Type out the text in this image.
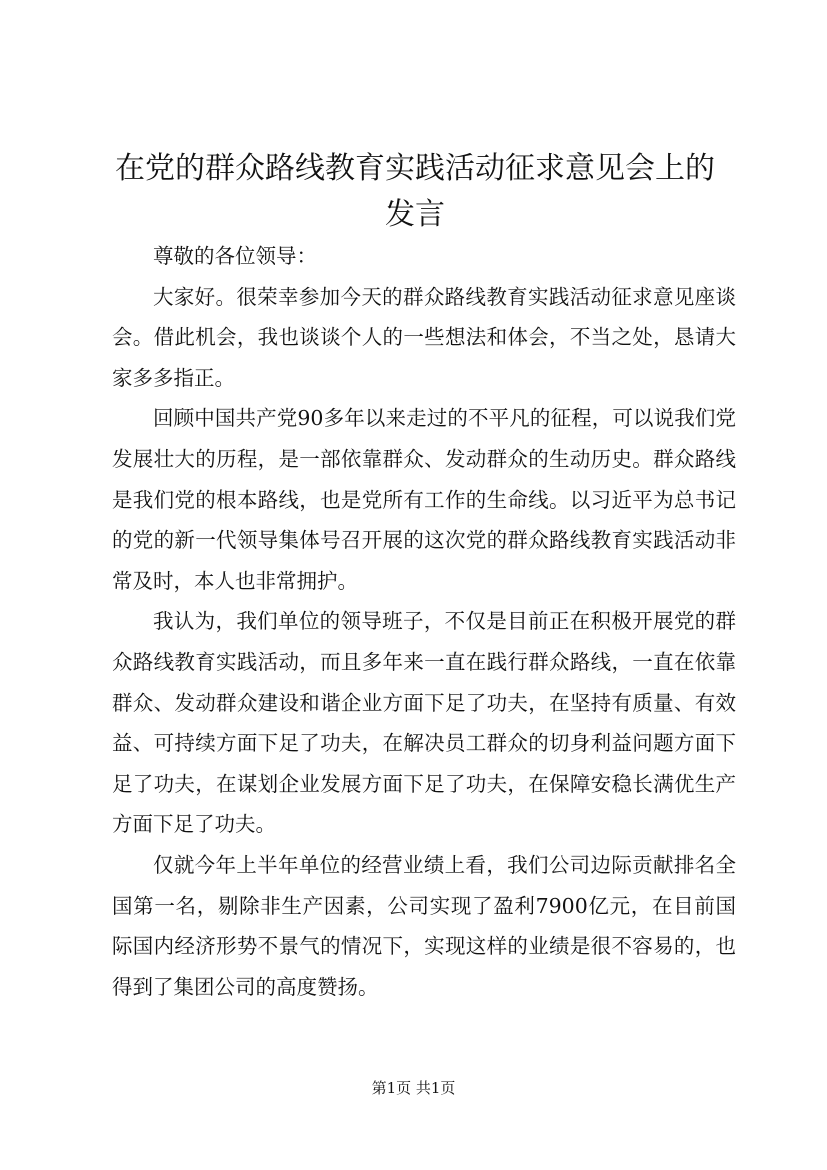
在党的群众路线教育实践活动征求意见会上的发言

尊敬的各位领导：

大家好。很荣幸参加今天的群众路线教育实践活动征求意见座谈会。借此机会，我也谈谈个人的一些想法和体会，不当之处，恳请大家多多指正。

回顾中国共产党90多年以来走过的不平凡的征程，可以说我们党发展壮大的历程，是一部依靠群众、发动群众的生动历史。群众路线是我们党的根本路线，也是党所有工作的生命线。以习近平为总书记的党的新一代领导集体号召开展的这次党的群众路线教育实践活动非常及时，本人也非常拥护。

我认为，我们单位的领导班子，不仅是目前正在积极开展党的群众路线教育实践活动，而且多年来一直在践行群众路线，一直在依靠群众、发动群众建设和谐企业方面下足了功夫，在坚持有质量、有效益、可持续方面下足了功夫，在解决员工群众的切身利益问题方面下足了功夫，在谋划企业发展方面下足了功夫，在保障安稳长满优生产方面下足了功夫。

仅就今年上半年单位的经营业绩上看，我们公司边际贡献排名全国第一名，剔除非生产因素，公司实现了盈利7900亿元，在目前国际国内经济形势不景气的情况下，实现这样的业绩是很不容易的，也得到了集团公司的高度赞扬。

第1页 共1页
